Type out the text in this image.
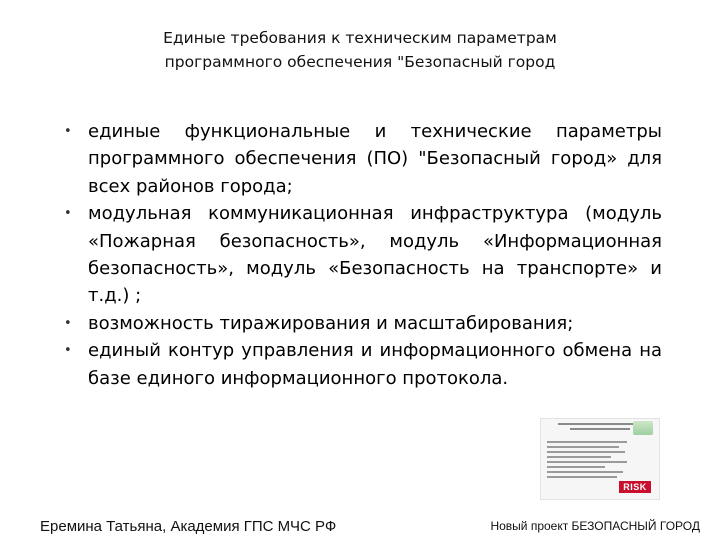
Единые требования к техническим параметрам
программного обеспечения "Безопасный город
• единые функциональные и технические параметры программного обеспечения (ПО) "Безопасный город» для всех районов города;
• модульная коммуникационная инфраструктура (модуль «Пожарная безопасность», модуль «Информационная безопасность», модуль «Безопасность на транспорте» и т.д.) ;
• возможность тиражирования и масштабирования;
• единый контур управления и информационного обмена на базе единого информационного протокола.
RISK
Еремина Татьяна, Академия ГПС МЧС РФ	Новый проект БЕЗОПАСНЫЙ ГОРОД
